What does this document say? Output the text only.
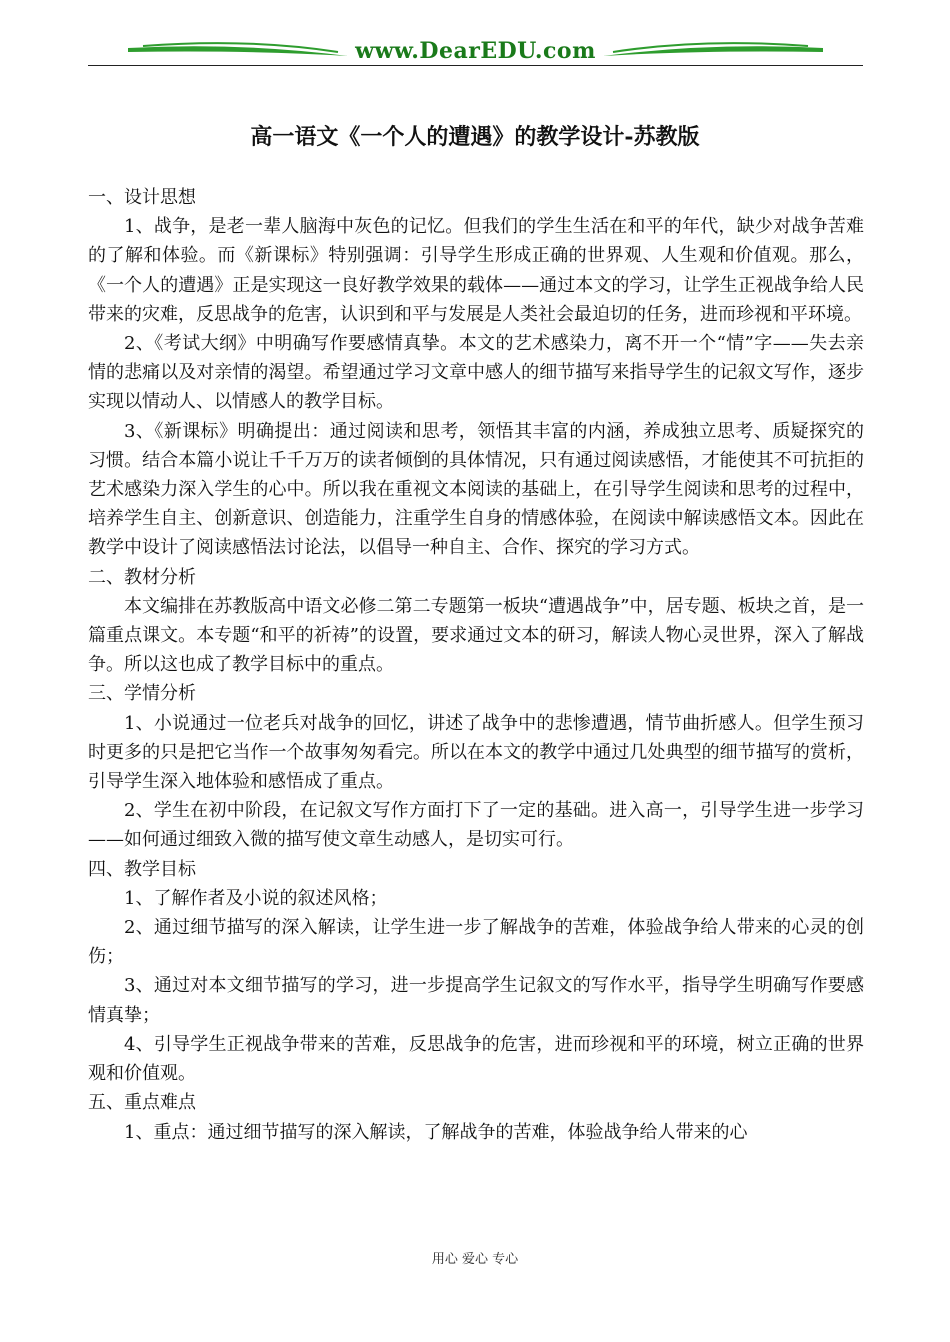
www.DearEDU.com
高一语文《一个人的遭遇》的教学设计-苏教版

一、设计思想

1、战争，是老一辈人脑海中灰色的记忆。但我们的学生生活在和平的年代，缺少对战争苦难的了解和体验。而《新课标》特别强调：引导学生形成正确的世界观、人生观和价值观。那么，《一个人的遭遇》正是实现这一良好教学效果的载体——通过本文的学习，让学生正视战争给人民带来的灾难，反思战争的危害，认识到和平与发展是人类社会最迫切的任务，进而珍视和平环境。

2、《考试大纲》中明确写作要感情真挚。本文的艺术感染力，离不开一个“情”字——失去亲情的悲痛以及对亲情的渴望。希望通过学习文章中感人的细节描写来指导学生的记叙文写作，逐步实现以情动人、以情感人的教学目标。

3、《新课标》明确提出：通过阅读和思考，领悟其丰富的内涵，养成独立思考、质疑探究的习惯。结合本篇小说让千千万万的读者倾倒的具体情况，只有通过阅读感悟，才能使其不可抗拒的艺术感染力深入学生的心中。所以我在重视文本阅读的基础上，在引导学生阅读和思考的过程中，培养学生自主、创新意识、创造能力，注重学生自身的情感体验，在阅读中解读感悟文本。因此在教学中设计了阅读感悟法讨论法，以倡导一种自主、合作、探究的学习方式。

二、教材分析

本文编排在苏教版高中语文必修二第二专题第一板块“遭遇战争”中，居专题、板块之首，是一篇重点课文。本专题“和平的祈祷”的设置，要求通过文本的研习，解读人物心灵世界，深入了解战争。所以这也成了教学目标中的重点。

三、学情分析

1、小说通过一位老兵对战争的回忆，讲述了战争中的悲惨遭遇，情节曲折感人。但学生预习时更多的只是把它当作一个故事匆匆看完。所以在本文的教学中通过几处典型的细节描写的赏析，引导学生深入地体验和感悟成了重点。

2、学生在初中阶段，在记叙文写作方面打下了一定的基础。进入高一，引导学生进一步学习——如何通过细致入微的描写使文章生动感人，是切实可行。

四、教学目标

1、了解作者及小说的叙述风格；

2、通过细节描写的深入解读，让学生进一步了解战争的苦难，体验战争给人带来的心灵的创伤；

3、通过对本文细节描写的学习，进一步提高学生记叙文的写作水平，指导学生明确写作要感情真挚；

4、引导学生正视战争带来的苦难，反思战争的危害，进而珍视和平的环境，树立正确的世界观和价值观。

五、重点难点

1、重点：通过细节描写的深入解读，了解战争的苦难，体验战争给人带来的心

用心 爱心 专心
